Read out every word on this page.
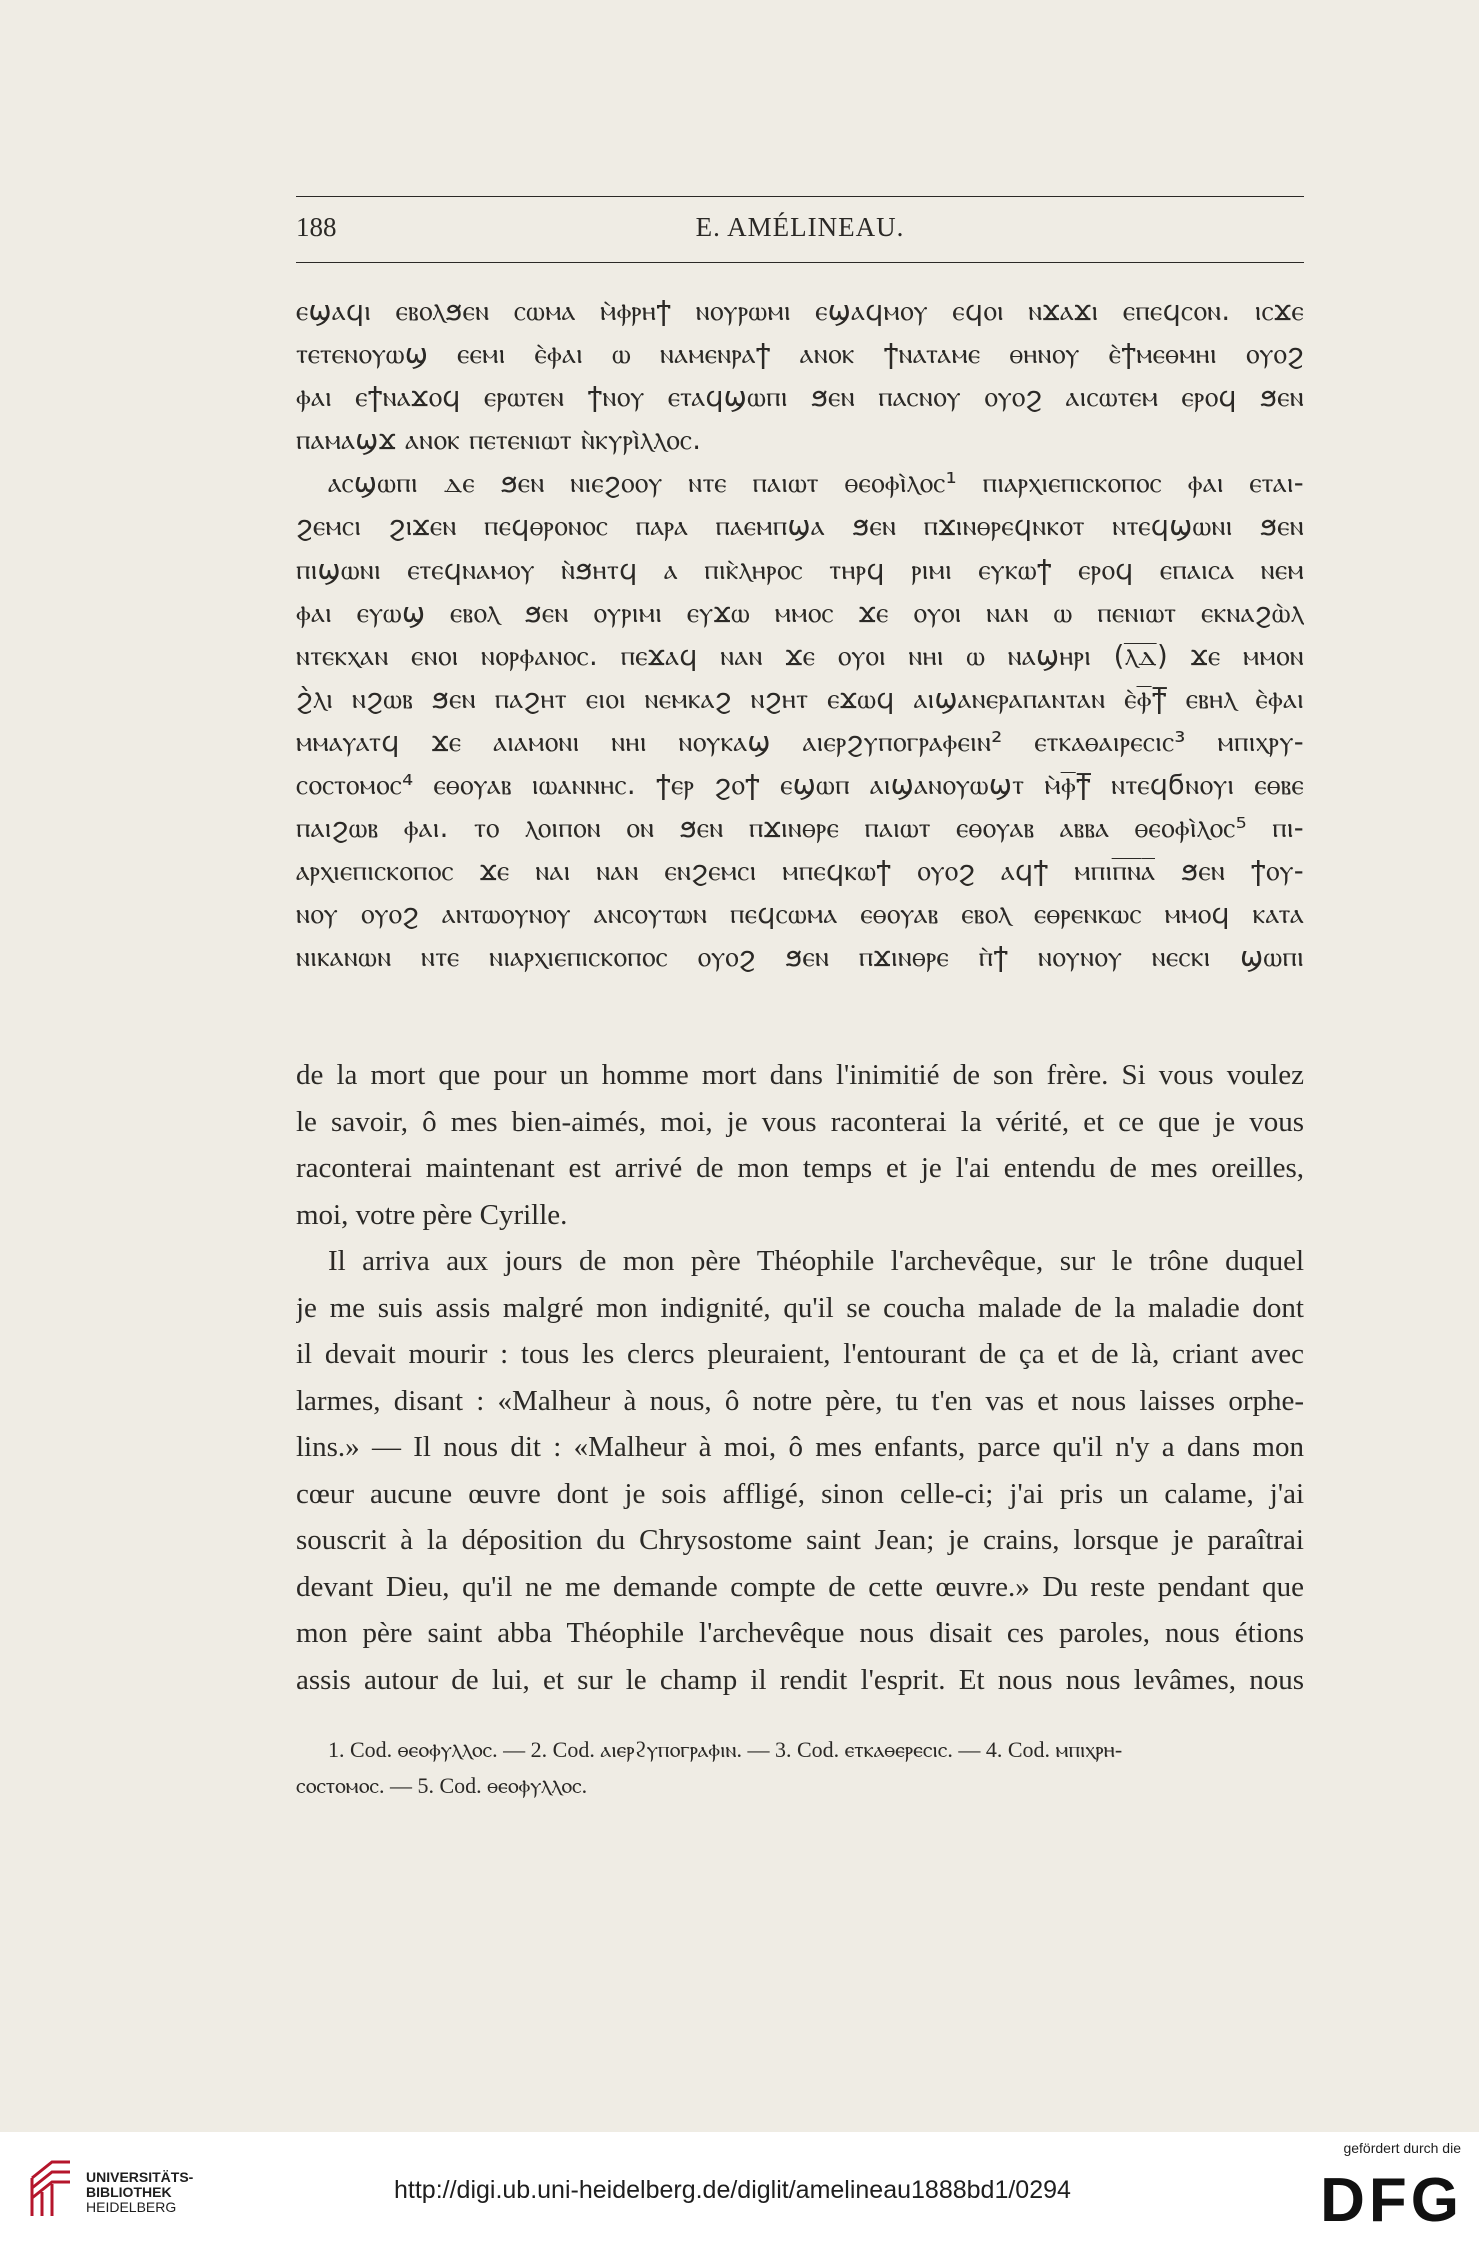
188	E. AMÉLINEAU.
ⲉϣⲁϥⲓ ⲉⲃⲟⲗϧⲉⲛ ⲥⲱⲙⲁ ⲙ̀ⲫⲣⲏϯ ⲛⲟⲩⲣⲱⲙⲓ ⲉϣⲁϥⲙⲟⲩ ⲉϥⲟⲓ ⲛϫⲁϫⲓ ⲉⲡⲉϥⲥⲟⲛ. ⲓⲥϫⲉ
ⲧⲉⲧⲉⲛⲟⲩⲱϣ ⲉⲉⲙⲓ ⲉ̀ⲫⲁⲓ ⲱ ⲛⲁⲙⲉⲛⲣⲁϯ ⲁⲛⲟⲕ ϯⲛⲁⲧⲁⲙⲉ ⲑⲏⲛⲟⲩ ⲉ̀ϯⲙⲉⲑⲙⲏⲓ ⲟⲩⲟϩ
ⲫⲁⲓ ⲉϯⲛⲁϫⲟϥ ⲉⲣⲱⲧⲉⲛ ϯⲛⲟⲩ ⲉⲧⲁϥϣⲱⲡⲓ ϧⲉⲛ ⲡⲁⲥⲛⲟⲩ ⲟⲩⲟϩ ⲁⲓⲥⲱⲧⲉⲙ ⲉⲣⲟϥ ϧⲉⲛ
ⲡⲁⲙⲁϣϫ ⲁⲛⲟⲕ ⲡⲉⲧⲉⲛⲓⲱⲧ ⲛ̀ⲕⲩⲣⲓ̀ⲗⲗⲟⲥ.
ⲁⲥϣⲱⲡⲓ ⲇⲉ ϧⲉⲛ ⲛⲓⲉϩⲟⲟⲩ ⲛⲧⲉ ⲡⲁⲓⲱⲧ ⲑⲉⲟⲫⲓ̀ⲗⲟⲥ¹ ⲡⲓⲁⲣⲭⲓⲉⲡⲓⲥⲕⲟⲡⲟⲥ ⲫⲁⲓ ⲉⲧⲁⲓ-
ϩⲉⲙⲥⲓ ϩⲓϫⲉⲛ ⲡⲉϥⲑⲣⲟⲛⲟⲥ ⲡⲁⲣⲁ ⲡⲁⲉⲙⲡϣⲁ ϧⲉⲛ ⲡϫⲓⲛⲑⲣⲉϥⲛⲕⲟⲧ ⲛⲧⲉϥϣⲱⲛⲓ ϧⲉⲛ
ⲡⲓϣⲱⲛⲓ ⲉⲧⲉϥⲛⲁⲙⲟⲩ ⲛ̀ϧⲏⲧϥ ⲁ ⲡⲓⲕ̀ⲗⲏⲣⲟⲥ ⲧⲏⲣϥ ⲣⲓⲙⲓ ⲉⲩⲕⲱϯ ⲉⲣⲟϥ ⲉⲡⲁⲓⲥⲁ ⲛⲉⲙ
ⲫⲁⲓ ⲉⲩⲱϣ ⲉⲃⲟⲗ ϧⲉⲛ ⲟⲩⲣⲓⲙⲓ ⲉⲩϫⲱ ⲙⲙⲟⲥ ϫⲉ ⲟⲩⲟⲓ ⲛⲁⲛ ⲱ ⲡⲉⲛⲓⲱⲧ ⲉⲕⲛⲁϩⲱ̀ⲗ
ⲛⲧⲉⲕⲭⲁⲛ ⲉⲛⲟⲓ ⲛⲟⲣⲫⲁⲛⲟⲥ. ⲡⲉϫⲁϥ ⲛⲁⲛ ϫⲉ ⲟⲩⲟⲓ ⲛⲏⲓ ⲱ ⲛⲁϣⲏⲣⲓ (ⲗ̅ⲇ̅) ϫⲉ ⲙⲙⲟⲛ
ϩ̀ⲗⲓ ⲛϩⲱⲃ ϧⲉⲛ ⲡⲁϩⲏⲧ ⲉⲓⲟⲓ ⲛⲉⲙⲕⲁϩ ⲛϩⲏⲧ ⲉϫⲱϥ ⲁⲓϣⲁⲛⲉⲣⲁⲡⲁⲛⲧⲁⲛ ⲉ̀ⲫ̅ϯ̅ ⲉⲃⲏⲗ ⲉ̀ⲫⲁⲓ
ⲙⲙⲁⲩⲁⲧϥ ϫⲉ ⲁⲓⲁⲙⲟⲛⲓ ⲛⲏⲓ ⲛⲟⲩⲕⲁϣ ⲁⲓⲉⲣϩⲩⲡⲟⲅⲣⲁⲫⲉⲓⲛ² ⲉⲧⲕⲁⲑⲁⲓⲣⲉⲥⲓⲥ³ ⲙⲡⲓⲭⲣⲩ-
ⲥⲟⲥⲧⲟⲙⲟⲥ⁴ ⲉⲑⲟⲩⲁⲃ ⲓⲱⲁⲛⲛⲏⲥ. ϯⲉⲣ ϩⲟϯ ⲉϣⲱⲡ ⲁⲓϣⲁⲛⲟⲩⲱϣⲧ ⲙ̀ⲫ̅ϯ̅ ⲛⲧⲉϥϭⲛⲟⲩⲓ ⲉⲑⲃⲉ
ⲡⲁⲓϩⲱⲃ ⲫⲁⲓ. ⲧⲟ ⲗⲟⲓⲡⲟⲛ ⲟⲛ ϧⲉⲛ ⲡϫⲓⲛⲑⲣⲉ ⲡⲁⲓⲱⲧ ⲉⲑⲟⲩⲁⲃ ⲁⲃⲃⲁ ⲑⲉⲟⲫⲓ̀ⲗⲟⲥ⁵ ⲡⲓ-
ⲁⲣⲭⲓⲉⲡⲓⲥⲕⲟⲡⲟⲥ ϫⲉ ⲛⲁⲓ ⲛⲁⲛ ⲉⲛϩⲉⲙⲥⲓ ⲙⲡⲉϥⲕⲱϯ ⲟⲩⲟϩ ⲁϥϯ ⲙⲡⲓⲡ̅ⲛ̅ⲁ̅ ϧⲉⲛ ϯⲟⲩ-
ⲛⲟⲩ ⲟⲩⲟϩ ⲁⲛⲧⲱⲟⲩⲛⲟⲩ ⲁⲛⲥⲟⲩⲧⲱⲛ ⲡⲉϥⲥⲱⲙⲁ ⲉⲑⲟⲩⲁⲃ ⲉⲃⲟⲗ ⲉⲑⲣⲉⲛⲕⲱⲥ ⲙⲙⲟϥ ⲕⲁⲧⲁ
ⲛⲓⲕⲁⲛⲱⲛ ⲛⲧⲉ ⲛⲓⲁⲣⲭⲓⲉⲡⲓⲥⲕⲟⲡⲟⲥ ⲟⲩⲟϩ ϧⲉⲛ ⲡϫⲓⲛⲑⲣⲉ ⲡ̀ϯ ⲛⲟⲩⲛⲟⲩ ⲛⲉⲥⲕⲓ ϣⲱⲡⲓ
de la mort que pour un homme mort dans l'inimitié de son frère. Si vous voulez
le savoir, ô mes bien-aimés, moi, je vous raconterai la vérité, et ce que je vous
raconterai maintenant est arrivé de mon temps et je l'ai entendu de mes oreilles,
moi, votre père Cyrille.
Il arriva aux jours de mon père Théophile l'archevêque, sur le trône duquel
je me suis assis malgré mon indignité, qu'il se coucha malade de la maladie dont
il devait mourir : tous les clercs pleuraient, l'entourant de ça et de là, criant avec
larmes, disant : «Malheur à nous, ô notre père, tu t'en vas et nous laisses orphe-
lins.» — Il nous dit : «Malheur à moi, ô mes enfants, parce qu'il n'y a dans mon
cœur aucune œuvre dont je sois affligé, sinon celle-ci; j'ai pris un calame, j'ai
souscrit à la déposition du Chrysostome saint Jean; je crains, lorsque je paraîtrai
devant Dieu, qu'il ne me demande compte de cette œuvre.» Du reste pendant que
mon père saint abba Théophile l'archevêque nous disait ces paroles, nous étions
assis autour de lui, et sur le champ il rendit l'esprit. Et nous nous levâmes, nous
1. Cod. ⲑⲉⲟⲫⲩⲗⲗⲟⲥ. — 2. Cod. ⲁⲓⲉⲣϩⲩⲡⲟⲅⲣⲁⲫⲓⲛ. — 3. Cod. ⲉⲧⲕⲁⲑⲉⲣⲉⲥⲓⲥ. — 4. Cod. ⲙⲡⲓⲭⲣⲏ-
ⲥⲟⲥⲧⲟⲙⲟⲥ. — 5. Cod. ⲑⲉⲟⲫⲩⲗⲗⲟⲥ.
UNIVERSITÄTS-
BIBLIOTHEK
HEIDELBERG
http://digi.ub.uni-heidelberg.de/diglit/amelineau1888bd1/0294
gefördert durch die
DFG
